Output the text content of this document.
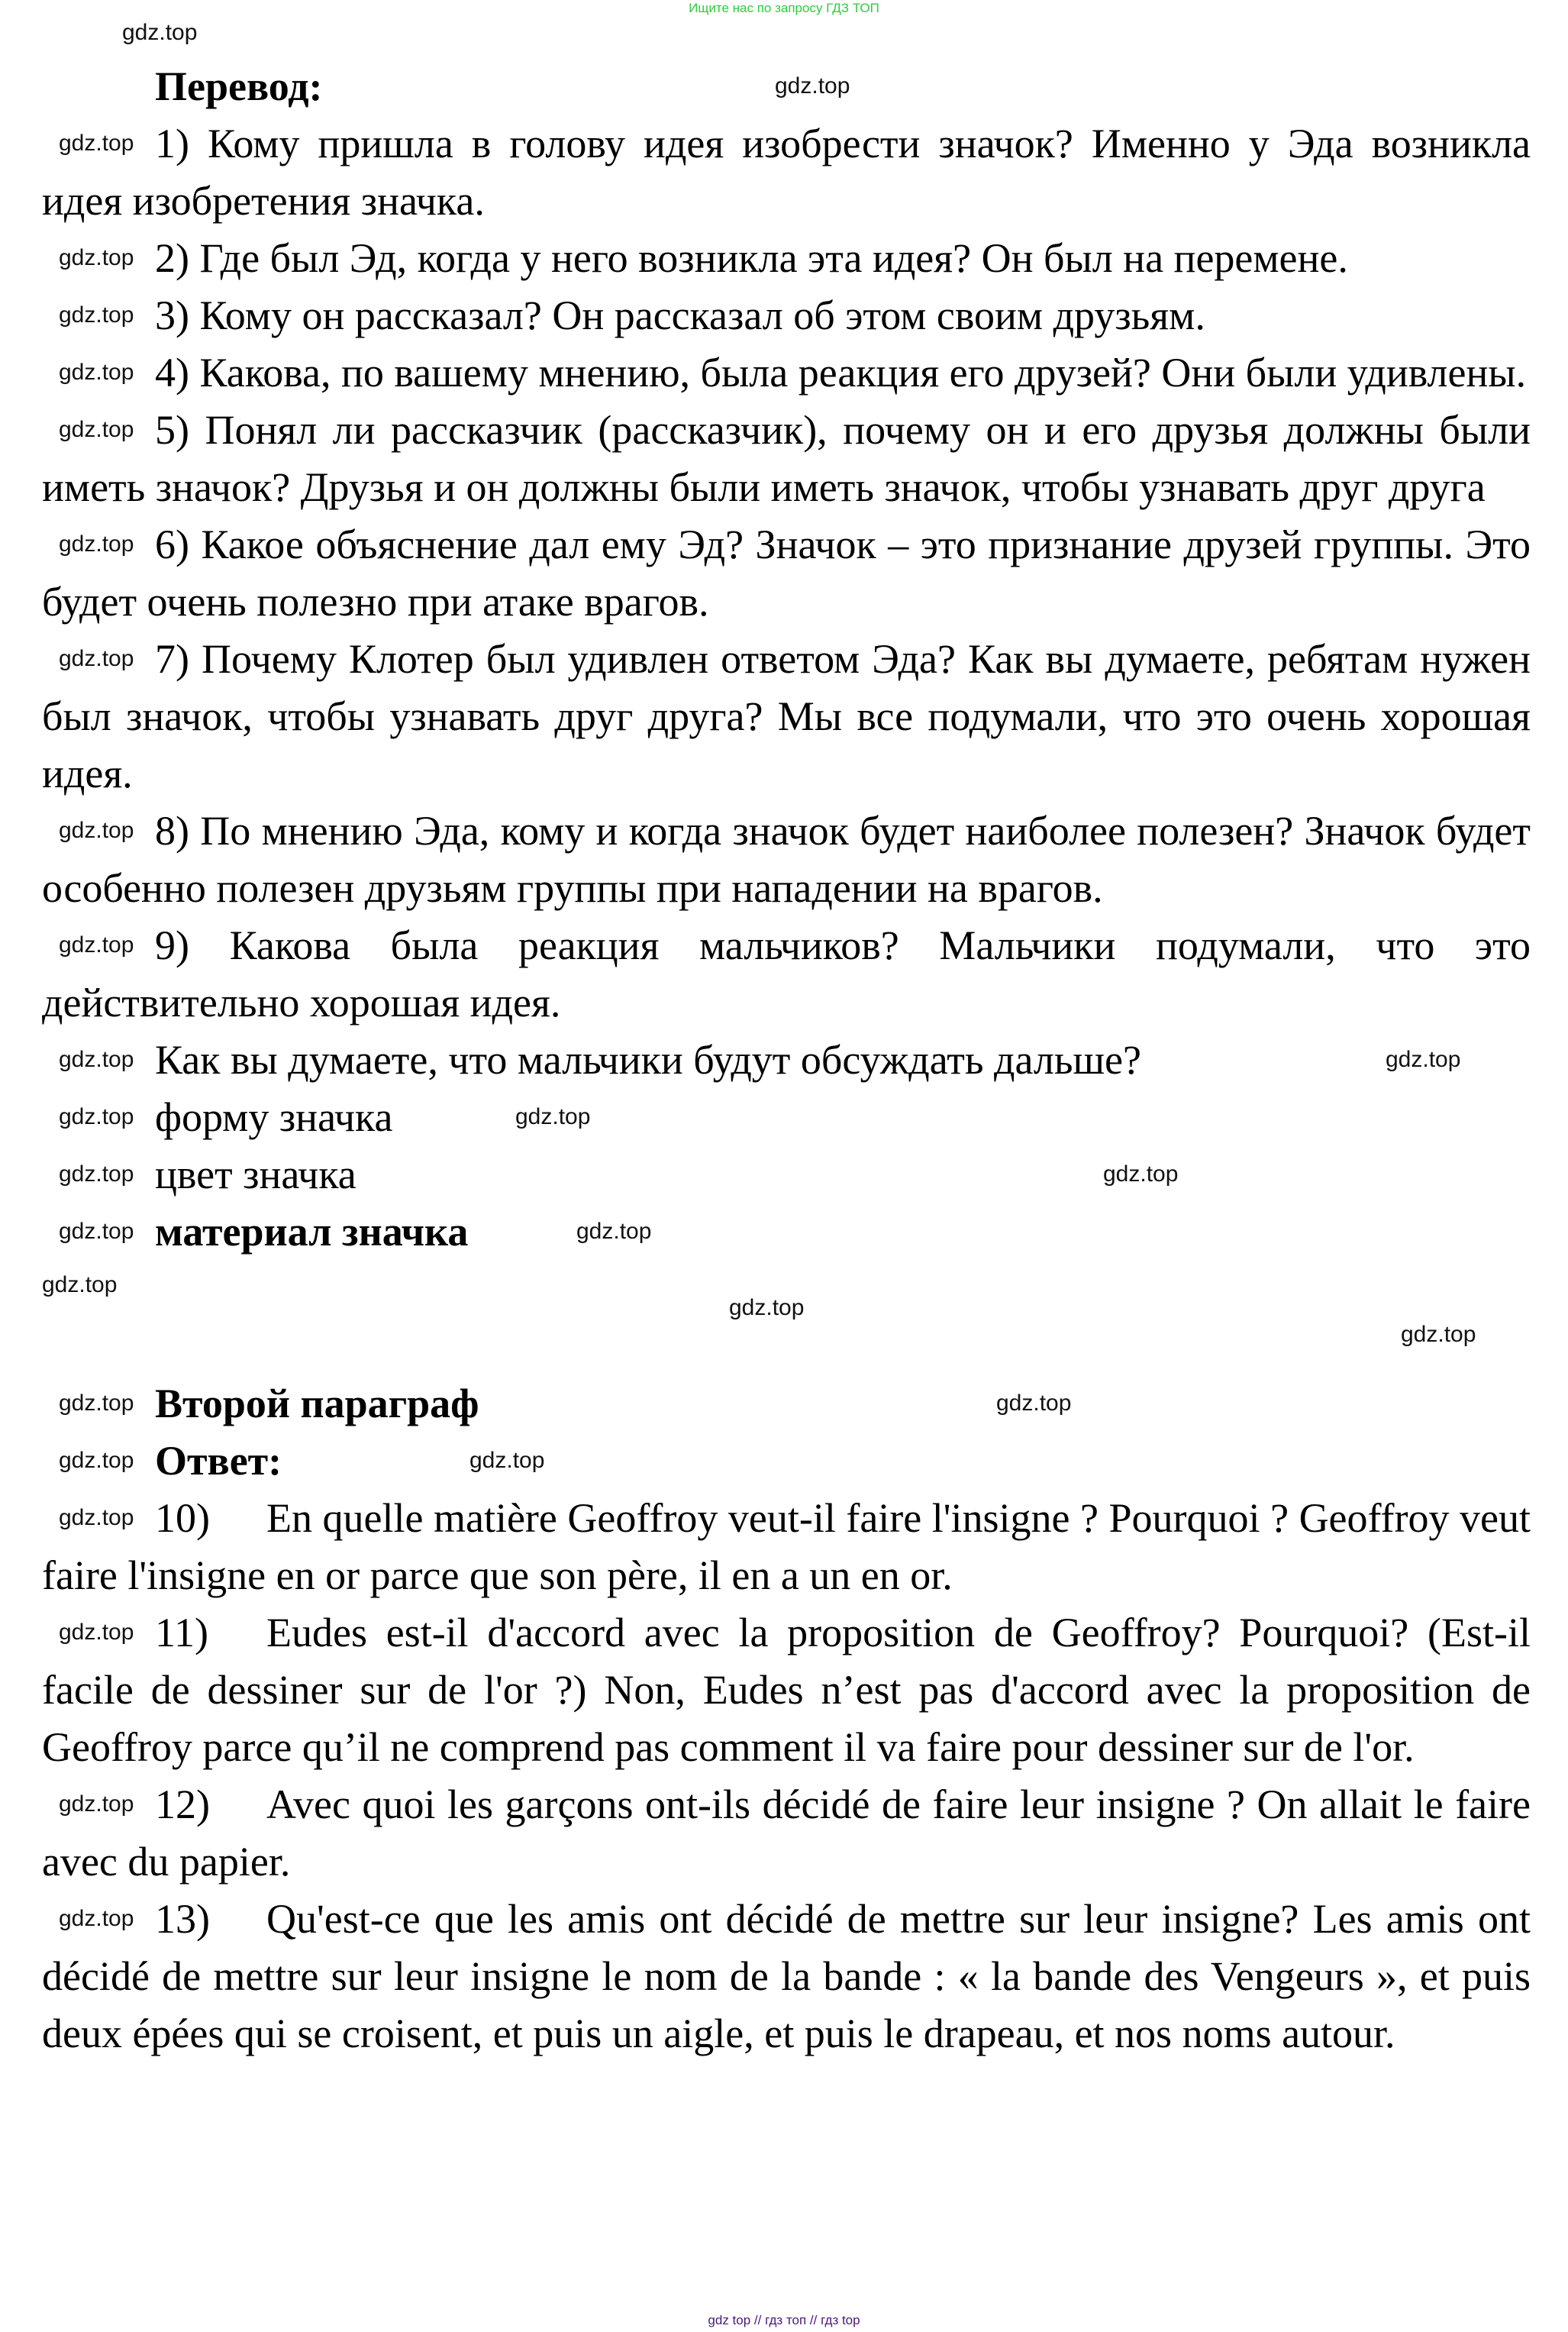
Ищите нас по запросу ГДЗ ТОП
gdz.top

Перевод:	gdz.top

gdz.top 1) Кому пришла в голову идея изобрести значок? Именно у Эда возникла идея изобретения значка.

gdz.top 2) Где был Эд, когда у него возникла эта идея? Он был на перемене.

gdz.top 3) Кому он рассказал? Он рассказал об этом своим друзьям.

gdz.top 4) Какова, по вашему мнению, была реакция его друзей? Они были удивлены.

gdz.top 5) Понял ли рассказчик (рассказчик), почему он и его друзья должны были иметь значок? Друзья и он должны были иметь значок, чтобы узнавать друг друга

gdz.top 6) Какое объяснение дал ему Эд? Значок – это признание друзей группы. Это будет очень полезно при атаке врагов.

gdz.top 7) Почему Клотер был удивлен ответом Эда? Как вы думаете, ребятам нужен был значок, чтобы узнавать друг друга? Мы все подумали, что это очень хорошая идея.

gdz.top 8) По мнению Эда, кому и когда значок будет наиболее полезен? Значок будет особенно полезен друзьям группы при нападении на врагов.

gdz.top 9) Какова была реакция мальчиков? Мальчики подумали, что это действительно хорошая идея.

gdz.top Как вы думаете, что мальчики будут обсуждать дальше?	gdz.top

gdz.top форму значка	gdz.top

gdz.top цвет значка	gdz.top

gdz.top материал значка	gdz.top

gdz.top
gdz.top
gdz.top

gdz.top Второй параграф	gdz.top

gdz.top Ответ:	gdz.top

gdz.top 10) En quelle matière Geoffroy veut-il faire l'insigne ? Pourquoi ? Geoffroy veut faire l'insigne en or parce que son père, il en a un en or.

gdz.top 11) Eudes est-il d'accord avec la proposition de Geoffroy? Pourquoi? (Est-il facile de dessiner sur de l'or ?) Non, Eudes n’est pas d'accord avec la proposition de Geoffroy parce qu’il ne comprend pas comment il va faire pour dessiner sur de l'or.

gdz.top 12) Avec quoi les garçons ont-ils décidé de faire leur insigne ? On allait le faire avec du papier.

gdz.top 13) Qu'est-ce que les amis ont décidé de mettre sur leur insigne? Les amis ont décidé de mettre sur leur insigne le nom de la bande : « la bande des Vengeurs », et puis deux épées qui se croisent, et puis un aigle, et puis le drapeau, et nos noms autour.

gdz top // гдз топ // гдз top
